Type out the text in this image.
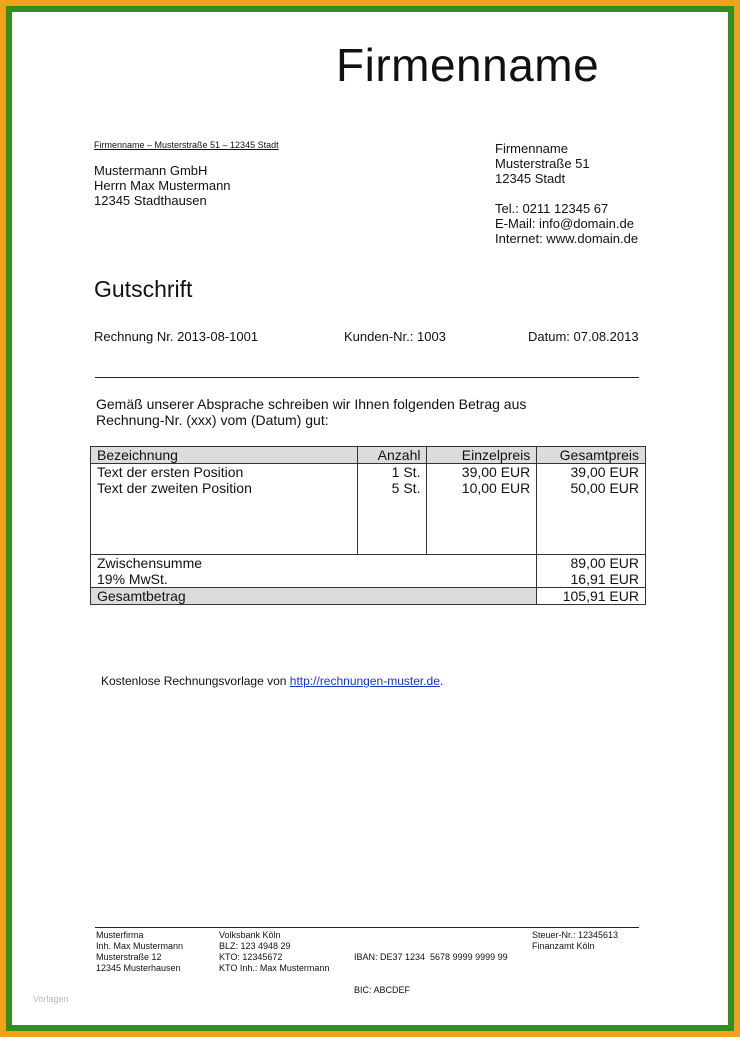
Firmenname
Firmenname – Musterstraße 51 – 12345 Stadt
Mustermann GmbH
Herrn Max Mustermann
12345 Stadthausen
Firmenname
Musterstraße 51
12345 Stadt
Tel.: 0211 12345 67
E-Mail: info@domain.de
Internet: www.domain.de
Gutschrift
Rechnung Nr. 2013-08-1001	Kunden-Nr.: 1003	Datum: 07.08.2013
Gemäß unserer Absprache schreiben wir Ihnen folgenden Betrag aus
Rechnung-Nr. (xxx) vom (Datum) gut:
Bezeichnung	Anzahl	Einzelpreis	Gesamtpreis
Text der ersten Position	1 St.	39,00 EUR	39,00 EUR
Text der zweiten Position	5 St.	10,00 EUR	50,00 EUR

Zwischensumme			89,00 EUR
19% MwSt.			16,91 EUR
Gesamtbetrag			105,91 EUR
Kostenlose Rechnungsvorlage von http://rechnungen-muster.de.
Musterfirma
Inh. Max Mustermann
Musterstraße 12
12345 Musterhausen
Volksbank Köln
BLZ: 123 4948 29
KTO: 12345672
KTO Inh.: Max Mustermann

IBAN: DE37 1234  5678 9999 9999 99

BIC: ABCDEF

Steuer-Nr.: 12345613
Finanzamt Köln
Vorlagen
